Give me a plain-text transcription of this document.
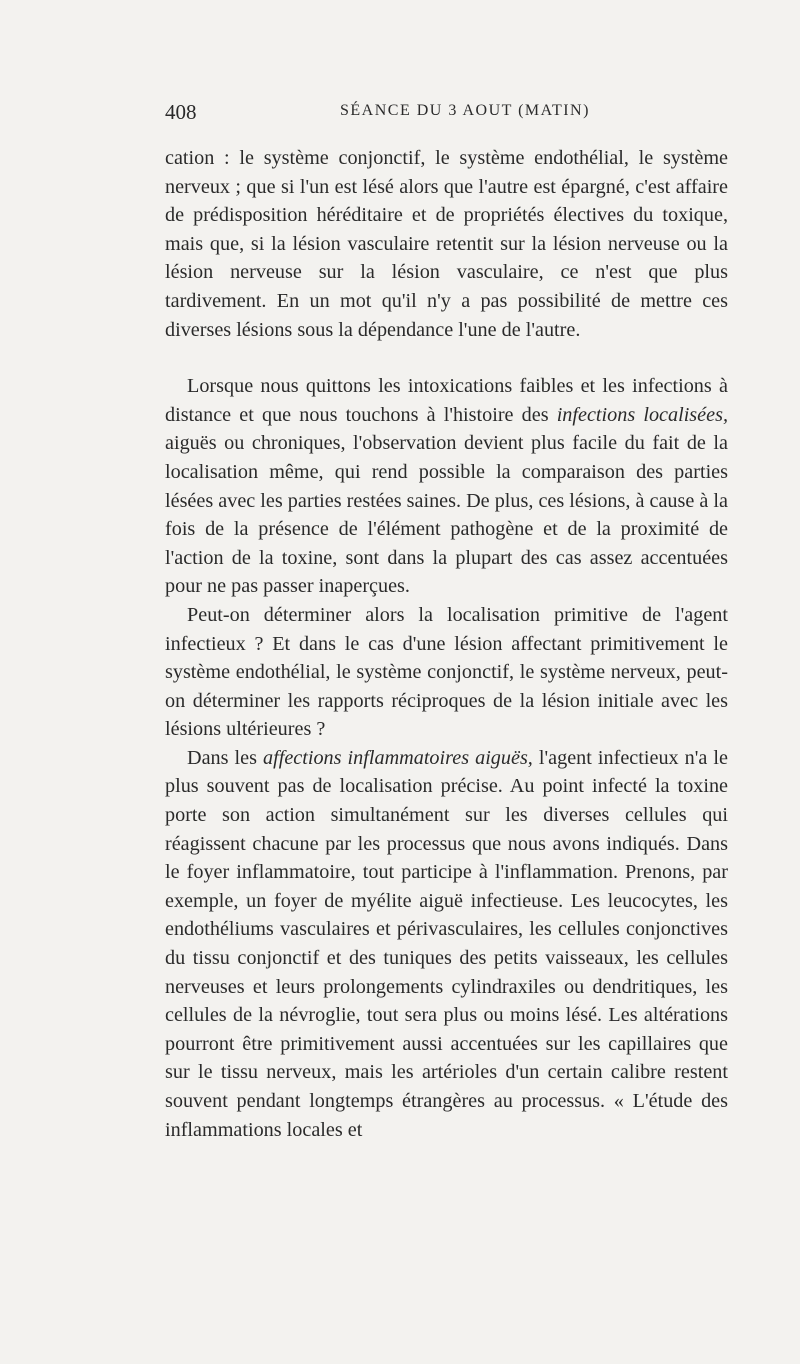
408	SÉANCE DU 3 AOUT (MATIN)

cation : le système conjonctif, le système endothélial, le système nerveux ; que si l'un est lésé alors que l'autre est épargné, c'est affaire de prédisposition héréditaire et de propriétés électives du toxique, mais que, si la lésion vasculaire retentit sur la lésion nerveuse ou la lésion nerveuse sur la lésion vasculaire, ce n'est que plus tardivement. En un mot qu'il n'y a pas possibilité de mettre ces diverses lésions sous la dépendance l'une de l'autre.

Lorsque nous quittons les intoxications faibles et les infections à distance et que nous touchons à l'histoire des infections localisées, aiguës ou chroniques, l'observation devient plus facile du fait de la localisation même, qui rend possible la comparaison des parties lésées avec les parties restées saines. De plus, ces lésions, à cause à la fois de la présence de l'élément pathogène et de la proximité de l'action de la toxine, sont dans la plupart des cas assez accentuées pour ne pas passer inaperçues.

Peut-on déterminer alors la localisation primitive de l'agent infectieux ? Et dans le cas d'une lésion affectant primitivement le système endothélial, le système conjonctif, le système nerveux, peut-on déterminer les rapports réciproques de la lésion initiale avec les lésions ultérieures ?

Dans les affections inflammatoires aiguës, l'agent infectieux n'a le plus souvent pas de localisation précise. Au point infecté la toxine porte son action simultanément sur les diverses cellules qui réagissent chacune par les processus que nous avons indiqués. Dans le foyer inflammatoire, tout participe à l'inflammation. Prenons, par exemple, un foyer de myélite aiguë infectieuse. Les leucocytes, les endothéliums vasculaires et périvasculaires, les cellules conjonctives du tissu conjonctif et des tuniques des petits vaisseaux, les cellules nerveuses et leurs prolongements cylindraxiles ou dendritiques, les cellules de la névroglie, tout sera plus ou moins lésé. Les altérations pourront être primitivement aussi accentuées sur les capillaires que sur le tissu nerveux, mais les artérioles d'un certain calibre restent souvent pendant longtemps étrangères au processus. « L'étude des inflammations locales et
